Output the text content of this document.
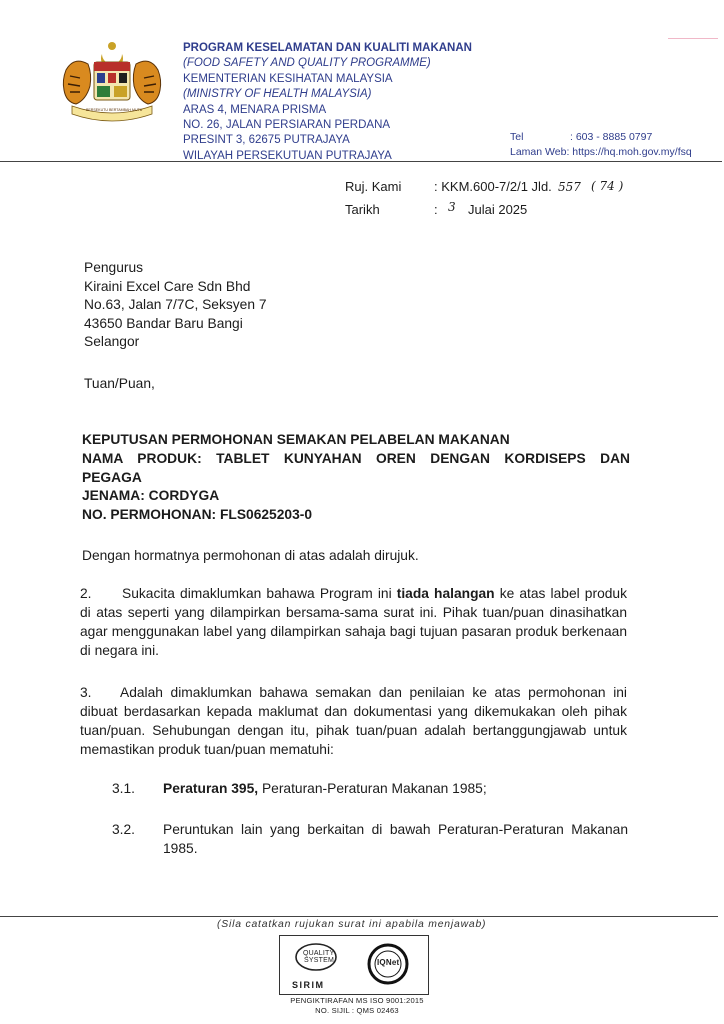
BERSEKUTU BERTAMBAH MUTU
PROGRAM KESELAMATAN DAN KUALITI MAKANAN
(FOOD SAFETY AND QUALITY PROGRAMME)
KEMENTERIAN KESIHATAN MALAYSIA
(MINISTRY OF HEALTH MALAYSIA)
ARAS 4, MENARA PRISMA
NO. 26, JALAN PERSIARAN PERDANA
PRESINT 3, 62675 PUTRAJAYA
WILAYAH PERSEKUTUAN PUTRAJAYA
Tel	: 603 - 8885 0797
Laman Web: https://hq.moh.gov.my/fsq
Ruj. Kami	: KKM.600-7/2/1 Jld. 557 ( 74 )
Tarikh	: 3 Julai 2025
Pengurus
Kiraini Excel Care Sdn Bhd
No.63, Jalan 7/7C, Seksyen 7
43650 Bandar Baru Bangi
Selangor
Tuan/Puan,
KEPUTUSAN PERMOHONAN SEMAKAN PELABELAN MAKANAN
NAMA PRODUK: TABLET KUNYAHAN OREN DENGAN KORDISEPS DAN PEGAGA
JENAMA: CORDYGA
NO. PERMOHONAN: FLS0625203-0
Dengan hormatnya permohonan di atas adalah dirujuk.
2. Sukacita dimaklumkan bahawa Program ini tiada halangan ke atas label produk di atas seperti yang dilampirkan bersama-sama surat ini. Pihak tuan/puan dinasihatkan agar menggunakan label yang dilampirkan sahaja bagi tujuan pasaran produk berkenaan di negara ini.
3. Adalah dimaklumkan bahawa semakan dan penilaian ke atas permohonan ini dibuat berdasarkan kepada maklumat dan dokumentasi yang dikemukakan oleh pihak tuan/puan. Sehubungan dengan itu, pihak tuan/puan adalah bertanggungjawab untuk memastikan produk tuan/puan mematuhi:
3.1. Peraturan 395, Peraturan-Peraturan Makanan 1985;
3.2. Peruntukan lain yang berkaitan di bawah Peraturan-Peraturan Makanan 1985.
(Sila catatkan rujukan surat ini apabila menjawab)
QUALITY
SYSTEM
SIRIM
IQNet
PENGIKTIRAFAN MS ISO 9001:2015
NO. SIJIL : QMS 02463
